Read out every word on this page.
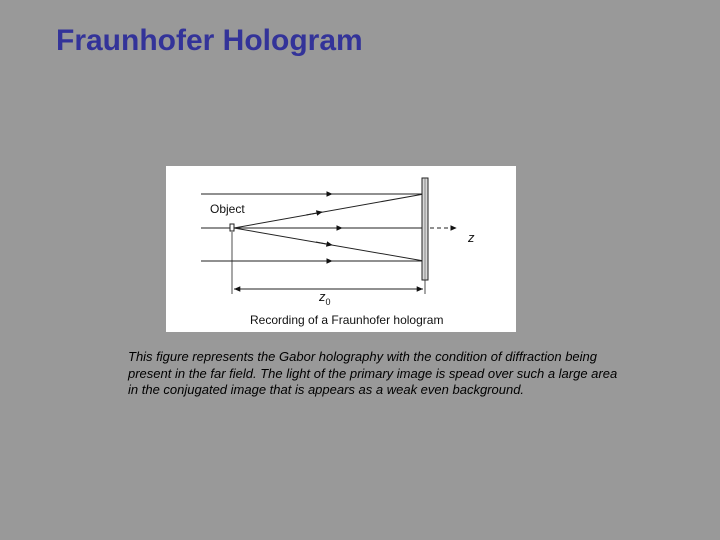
Fraunhofer Hologram
Object
z
$z_0$
Recording of a Fraunhofer hologram

This figure represents the Gabor holography with the condition of diffraction being present in the far field. The light of the primary image is spead over such a large area in the conjugated image that is appears as a weak even background.
